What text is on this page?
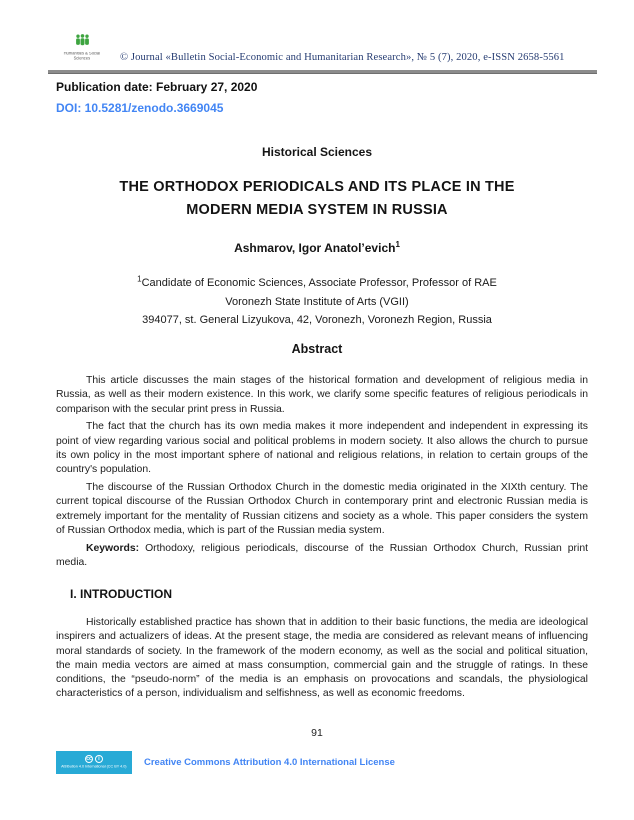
Humanities & Social
Sciences	© Journal «Bulletin Social-Economic and Humanitarian Research», № 5 (7), 2020, e-ISSN 2658-5561
Publication date: February 27, 2020
DOI: 10.5281/zenodo.3669045
Historical Sciences
THE ORTHODOX PERIODICALS AND ITS PLACE IN THE
MODERN MEDIA SYSTEM IN RUSSIA
Ashmarov, Igor Anatol’evich$^1$
$^1$Candidate of Economic Sciences, Associate Professor, Professor of RAE
Voronezh State Institute of Arts (VGII)
394077, st. General Lizyukova, 42, Voronezh, Voronezh Region, Russia
Abstract

This article discusses the main stages of the historical formation and development of religious media in Russia, as well as their modern existence. In this work, we clarify some specific features of religious periodicals in comparison with the secular print press in Russia.

The fact that the church has its own media makes it more independent and independent in expressing its point of view regarding various social and political problems in modern society. It also allows the church to pursue its own policy in the most important sphere of national and religious relations, in relation to certain groups of the country's population.

The discourse of the Russian Orthodox Church in the domestic media originated in the XIXth century. The current topical discourse of the Russian Orthodox Church in contemporary print and electronic Russian media is extremely important for the mentality of Russian citizens and society as a whole. This paper considers the system of Russian Orthodox media, which is part of the Russian media system.

Keywords: Orthodoxy, religious periodicals, discourse of the Russian Orthodox Church, Russian print media.

I. INTRODUCTION

Historically established practice has shown that in addition to their basic functions, the media are ideological inspirers and actualizers of ideas. At the present stage, the media are considered as relevant means of influencing moral standards of society. In the framework of the modern economy, as well as the social and political situation, the main media vectors are aimed at mass consumption, commercial gain and the struggle of ratings. In these conditions, the “pseudo-norm” of the media is an emphasis on provocations and scandals, the physiological characteristics of a person, individualism and selfishness, as well as economic freedoms.

91
cc	i
Attribution 4.0 International (CC BY 4.0) Creative Commons Attribution 4.0 International License
